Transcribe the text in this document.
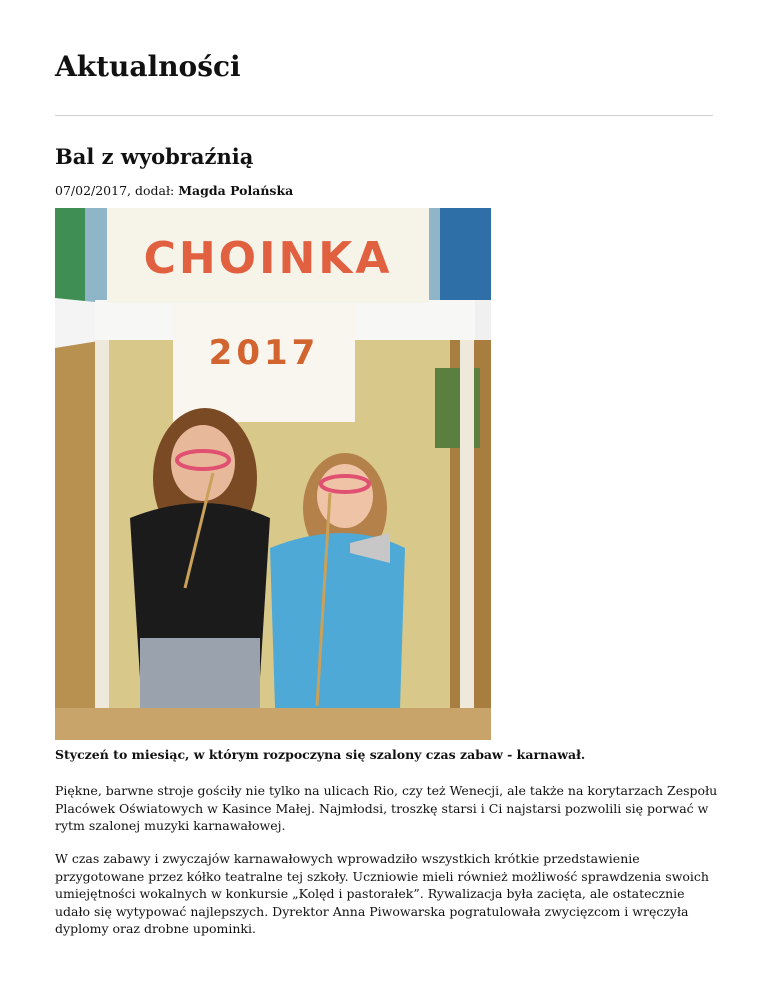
Aktualności
Bal z wyobraźnią
07/02/2017, dodał: Magda Polańska
CHOINKA
2017

Styczeń to miesiąc, w którym rozpoczyna się szalony czas zabaw - karnawał.

Piękne, barwne stroje gościły nie tylko na ulicach Rio, czy też Wenecji, ale także na korytarzach Zespołu Placówek Oświatowych w Kasince Małej. Najmłodsi, troszkę starsi i Ci najstarsi pozwolili się porwać w rytm szalonej muzyki karnawałowej.

W czas zabawy i zwyczajów karnawałowych wprowadziło wszystkich krótkie przedstawienie przygotowane przez kółko teatralne tej szkoły. Uczniowie mieli również możliwość sprawdzenia swoich umiejętności wokalnych w konkursie „Kolęd i pastorałek”. Rywalizacja była zacięta, ale ostatecznie udało się wytypować najlepszych. Dyrektor Anna Piwowarska pogratulowała zwycięzcom i wręczyła dyplomy oraz drobne upominki.
